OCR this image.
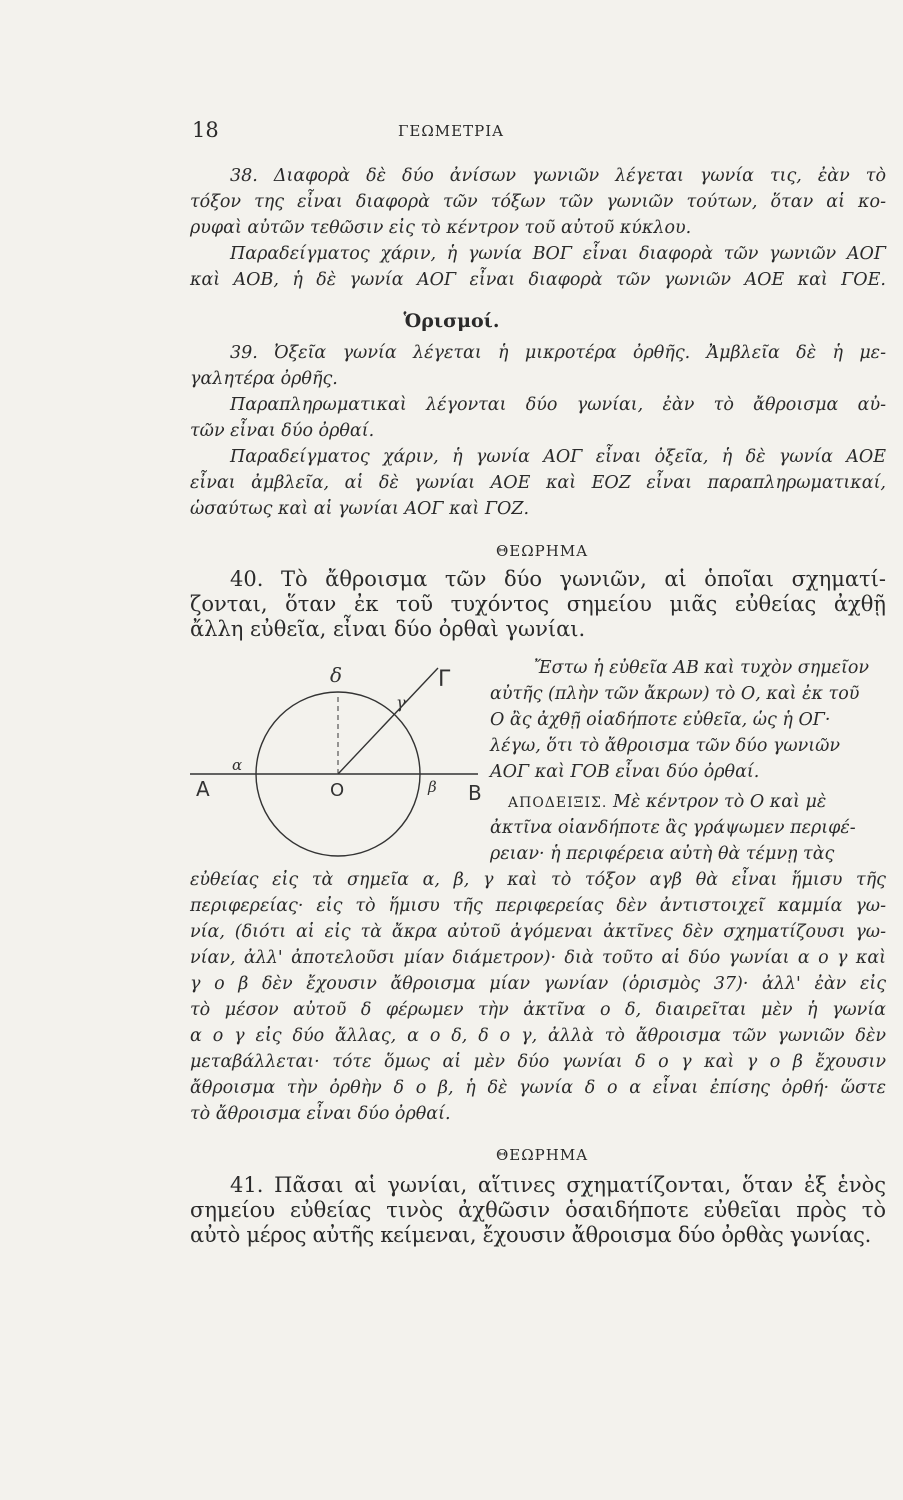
18	ΓΕΩΜΕΤΡΙΑ
38. Διαφορὰ δὲ δύο ἀνίσων γωνιῶν λέγεται γωνία τις, ἐὰν τὸ
τόξον της εἶναι διαφορὰ τῶν τόξων τῶν γωνιῶν τούτων, ὅταν αἱ κο-
ρυφαὶ αὐτῶν τεθῶσιν εἰς τὸ κέντρον τοῦ αὐτοῦ κύκλου.
Παραδείγματος χάριν, ἡ γωνία ΒΟΓ εἶναι διαφορὰ τῶν γωνιῶν ΑΟΓ
καὶ ΑΟΒ, ἡ δὲ γωνία ΑΟΓ εἶναι διαφορὰ τῶν γωνιῶν ΑΟΕ καὶ ΓΟΕ.
Ὁρισμοί.
39. Ὀξεῖα γωνία λέγεται ἡ μικροτέρα ὀρθῆς. Ἀμβλεῖα δὲ ἡ με-
γαλητέρα ὀρθῆς.
Παραπληρωματικαὶ λέγονται δύο γωνίαι, ἐὰν τὸ ἄθροισμα αὐ-
τῶν εἶναι δύο ὀρθαί.
Παραδείγματος χάριν, ἡ γωνία ΑΟΓ εἶναι ὀξεῖα, ἡ δὲ γωνία ΑΟΕ
εἶναι ἀμβλεῖα, αἱ δὲ γωνίαι ΑΟΕ καὶ ΕΟΖ εἶναι παραπληρωματικαί,
ὡσαύτως καὶ αἱ γωνίαι ΑΟΓ καὶ ΓΟΖ.
ΘΕΩΡΗΜΑ
40. Τὸ ἄθροισμα τῶν δύο γωνιῶν, αἱ ὁποῖαι σχηματί-
ζονται, ὅταν ἐκ τοῦ τυχόντος σημείου μιᾶς εὐθείας ἀχθῇ
ἄλλη εὐθεῖα, εἶναι δύο ὀρθαὶ γωνίαι.
Α
α
Ο	β Β
δ
γ
Γ	Ἔστω ἡ εὐθεῖα ΑΒ καὶ τυχὸν σημεῖον
αὐτῆς (πλὴν τῶν ἄκρων) τὸ Ο, καὶ ἐκ τοῦ
Ο ἂς ἀχθῇ οἱαδήποτε εὐθεῖα, ὡς ἡ ΟΓ·
λέγω, ὅτι τὸ ἄθροισμα τῶν δύο γωνιῶν
ΑΟΓ καὶ ΓΟΒ εἶναι δύο ὀρθαί.
ΑΠΟΔΕΙΞΙΣ. Μὲ κέντρον τὸ Ο καὶ μὲ
ἀκτῖνα οἱανδήποτε ἂς γράψωμεν περιφέ-
ρειαν· ἡ περιφέρεια αὐτὴ θὰ τέμνῃ τὰς
εὐθείας εἰς τὰ σημεῖα α, β, γ καὶ τὸ τόξον αγβ θὰ εἶναι ἥμισυ τῆς
περιφερείας· εἰς τὸ ἥμισυ τῆς περιφερείας δὲν ἀντιστοιχεῖ καμμία γω-
νία, (διότι αἱ εἰς τὰ ἄκρα αὐτοῦ ἀγόμεναι ἀκτῖνες δὲν σχηματίζουσι γω-
νίαν, ἀλλ' ἀποτελοῦσι μίαν διάμετρον)· διὰ τοῦτο αἱ δύο γωνίαι α ο γ καὶ
γ ο β δὲν ἔχουσιν ἄθροισμα μίαν γωνίαν (ὁρισμὸς 37)· ἀλλ' ἐὰν εἰς
τὸ μέσον αὐτοῦ δ φέρωμεν τὴν ἀκτῖνα ο δ, διαιρεῖται μὲν ἡ γωνία
α ο γ εἰς δύο ἄλλας, α ο δ, δ ο γ, ἀλλὰ τὸ ἄθροισμα τῶν γωνιῶν δὲν
μεταβάλλεται· τότε ὅμως αἱ μὲν δύο γωνίαι δ ο γ καὶ γ ο β ἔχουσιν
ἄθροισμα τὴν ὀρθὴν δ ο β, ἡ δὲ γωνία δ ο α εἶναι ἐπίσης ὀρθή· ὥστε
τὸ ἄθροισμα εἶναι δύο ὀρθαί.
ΘΕΩΡΗΜΑ
41. Πᾶσαι αἱ γωνίαι, αἵτινες σχηματίζονται, ὅταν ἐξ ἑνὸς
σημείου εὐθείας τινὸς ἀχθῶσιν ὁσαιδήποτε εὐθεῖαι πρὸς τὸ
αὐτὸ μέρος αὐτῆς κείμεναι, ἔχουσιν ἄθροισμα δύο ὀρθὰς γωνίας.
